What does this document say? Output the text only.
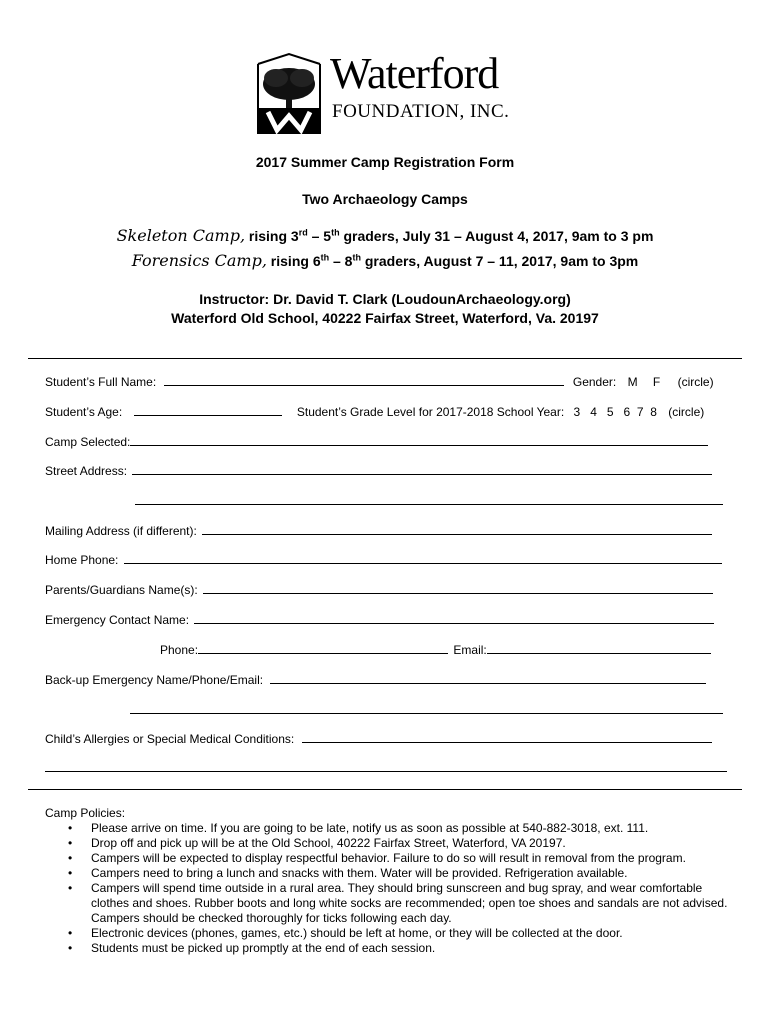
Waterford
FOUNDATION, INC.
2017 Summer Camp Registration Form
Two Archaeology Camps
Skeleton Camp, rising 3rd – 5th graders, July 31 – August 4, 2017, 9am to 3 pm
Forensics Camp, rising 6th – 8th graders, August 7 – 11, 2017, 9am to 3pm
Instructor: Dr. David T. Clark (LoudounArchaeology.org)
Waterford Old School, 40222 Fairfax Street, Waterford, Va. 20197
Student’s Full Name:	Gender: M F (circle)
Student’s Age:	Student’s Grade Level for 2017-2018 School Year: 3   4   5   6  7  8 (circle)
Camp Selected:
Street Address:
Mailing Address (if different):
Home Phone:
Parents/Guardians Name(s):
Emergency Contact Name:
Phone:	Email:
Back-up Emergency Name/Phone/Email:
Child’s Allergies or Special Medical Conditions:
Camp Policies:
• Please arrive on time. If you are going to be late, notify us as soon as possible at 540-882-3018, ext. 111.
• Drop off and pick up will be at the Old School, 40222 Fairfax Street, Waterford, VA 20197.
• Campers will be expected to display respectful behavior. Failure to do so will result in removal from the program.
• Campers need to bring a lunch and snacks with them. Water will be provided. Refrigeration available.
• Campers will spend time outside in a rural area. They should bring sunscreen and bug spray, and wear comfortable clothes and shoes. Rubber boots and long white socks are recommended; open toe shoes and sandals are not advised. Campers should be checked thoroughly for ticks following each day.
• Electronic devices (phones, games, etc.) should be left at home, or they will be collected at the door.
• Students must be picked up promptly at the end of each session.
